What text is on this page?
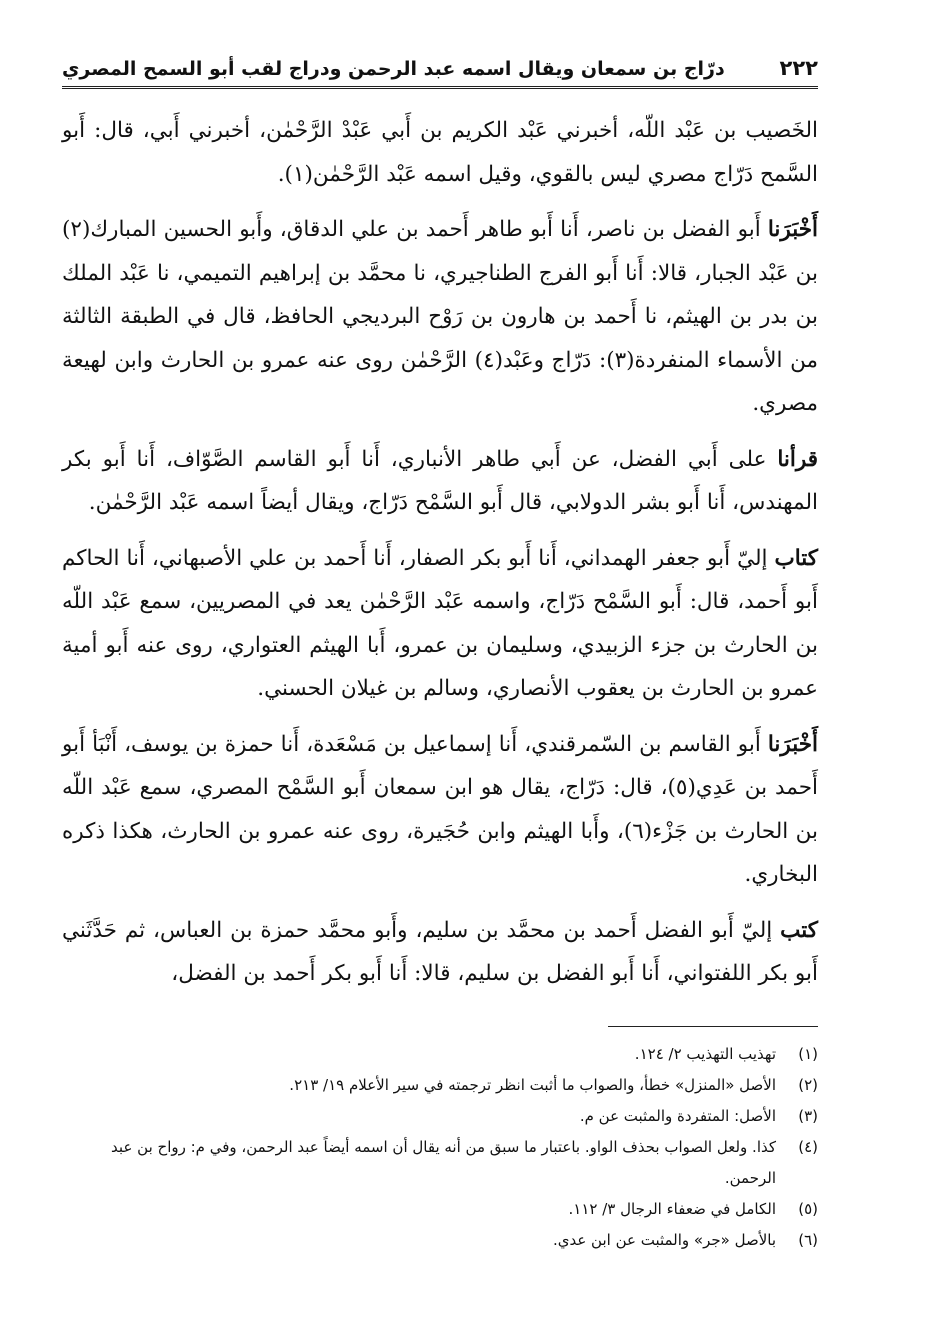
٢٢٢
درّاج بن سمعان ويقال اسمه عبد الرحمن ودراج لقب أبو السمح المصري

الخَصيب بن عَبْد اللّه، أخبرني عَبْد الكريم بن أَبي عَبْدْ الرَّحْمٰن، أخبرني أَبي، قال: أَبو السَّمح دَرّاج مصري ليس بالقوي، وقيل اسمه عَبْد الرَّحْمٰن(١).

أَخْبَرَنا أَبو الفضل بن ناصر، أَنا أَبو طاهر أَحمد بن علي الدقاق، وأَبو الحسين المبارك(٢) بن عَبْد الجبار، قالا: أَنا أَبو الفرج الطناجيري، نا محمَّد بن إبراهيم التميمي، نا عَبْد الملك بن بدر بن الهيثم، نا أَحمد بن هارون بن رَوْح البرديجي الحافظ، قال في الطبقة الثالثة من الأسماء المنفردة(٣): دَرّاج وعَبْد(٤) الرَّحْمٰن روى عنه عمرو بن الحارث وابن لهيعة مصري.

قرأنا على أَبي الفضل، عن أَبي طاهر الأنباري، أَنا أَبو القاسم الصَّوّاف، أَنا أَبو بكر المهندس، أَنا أَبو بشر الدولابي، قال أَبو السَّمْح دَرّاج، ويقال أيضاً اسمه عَبْد الرَّحْمٰن.

كتاب إليّ أَبو جعفر الهمداني، أَنا أَبو بكر الصفار، أَنا أَحمد بن علي الأصبهاني، أَنا الحاكم أَبو أَحمد، قال: أَبو السَّمْح دَرّاج، واسمه عَبْد الرَّحْمٰن يعد في المصريين، سمع عَبْد اللّه بن الحارث بن جزء الزبيدي، وسليمان بن عمرو، أَبا الهيثم العتواري، روى عنه أَبو أمية عمرو بن الحارث بن يعقوب الأنصاري، وسالم بن غيلان الحسني.

أَخْبَرَنا أَبو القاسم بن السّمرقندي، أَنا إسماعيل بن مَسْعَدة، أَنا حمزة بن يوسف، أَنْبَأ أَبو أَحمد بن عَدِي(٥)، قال: دَرّاج، يقال هو ابن سمعان أَبو السَّمْح المصري، سمع عَبْد اللّه بن الحارث بن جَزْء(٦)، وأَبا الهيثم وابن حُجَيرة، روى عنه عمرو بن الحارث، هكذا ذكره البخاري.

كتب إليّ أَبو الفضل أَحمد بن محمَّد بن سليم، وأَبو محمَّد حمزة بن العباس، ثم حَدَّثَني أَبو بكر اللفتواني، أَنا أَبو الفضل بن سليم، قالا: أَنا أَبو بكر أَحمد بن الفضل،

(١)
تهذيب التهذيب ٢/ ١٢٤.
(٢)
الأصل «المنزل» خطأ، والصواب ما أثبت انظر ترجمته في سير الأعلام ١٩/ ٢١٣.
(٣)
الأصل: المتفردة والمثبت عن م.
(٤)
كذا. ولعل الصواب بحذف الواو. باعتبار ما سبق من أنه يقال أن اسمه أيضاً عبد الرحمن، وفي م: رواح بن عبد الرحمن.
(٥)
الكامل في ضعفاء الرجال ٣/ ١١٢.
(٦)
بالأصل «جر» والمثبت عن ابن عدي.
